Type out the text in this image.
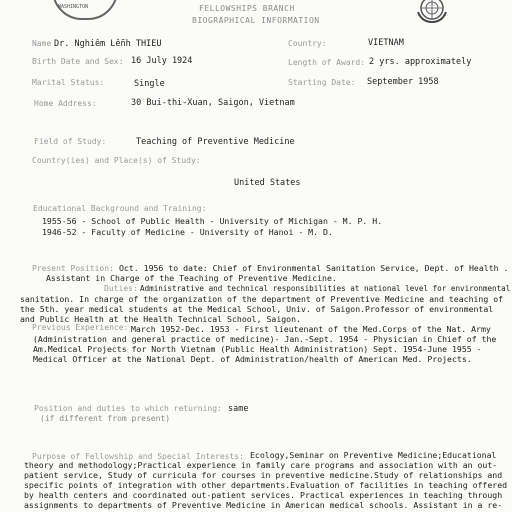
WASHINGTON	FELLOWSHIPS BRANCH
BIOGRAPHICAL INFORMATION
Name Dr. Nghiêm Lễnh THIEU	Country:	VIETNAM
Birth Date and Sex: 16 July 1924	Length of Award: 2 yrs. approximately
Marital Status:	Single	Starting Date: September 1958
Home Address:	30 Bui-thi-Xuan, Saigon, Vietnam
Field of Study:	Teaching of Preventive Medicine
Country(ies) and Place(s) of Study:
United States
Educational Background and Training:
1955-56 - School of Public Health - University of Michigan - M. P. H.
1946-52 - Faculty of Medicine - University of Hanoi - M. D.
Present Position: Oct. 1956 to date: Chief of Environmental Sanitation Service, Dept. of Health .
Assistant in Charge of the Teaching of Preventive Medicine.
Duties: Administrative and technical responsibilities at national level for environmental
sanitation. In charge of the organization of the department of Preventive Medicine and teaching of
the 5th. year medical students at the Medical School, Univ. of Saigon.Professor of environmental
and Public Health at the Health Technical School, Saigon.
Previous Experience: March 1952-Dec. 1953 - First lieutenant of the Med.Corps of the Nat. Army
(Administration and general practice of medicine)- Jan.-Sept. 1954 - Physician in Chief of the
Am.Medical Projects for North Vietnam (Public Health Administration) Sept. 1954-June 1955 -
Medical Officer at the National Dept. of Administration/health of American Med. Projects.
Position and duties to which returning: same
(if different from present)
Purpose of Fellowship and Special Interests: Ecology,Seminar on Preventive Medicine;Educational
theory and methodology;Practical experience in family care programs and association with an out-
patient service, Study of curricula for courses in preventive medicine.Study of relationships and
specific points of integration with other departments.Evaluation of facilities in teaching offered
by health centers and coordinated out-patient services. Practical experiences in teaching through
assignments to departments of Preventive Medicine in American medical schools. Assistant in a re-
